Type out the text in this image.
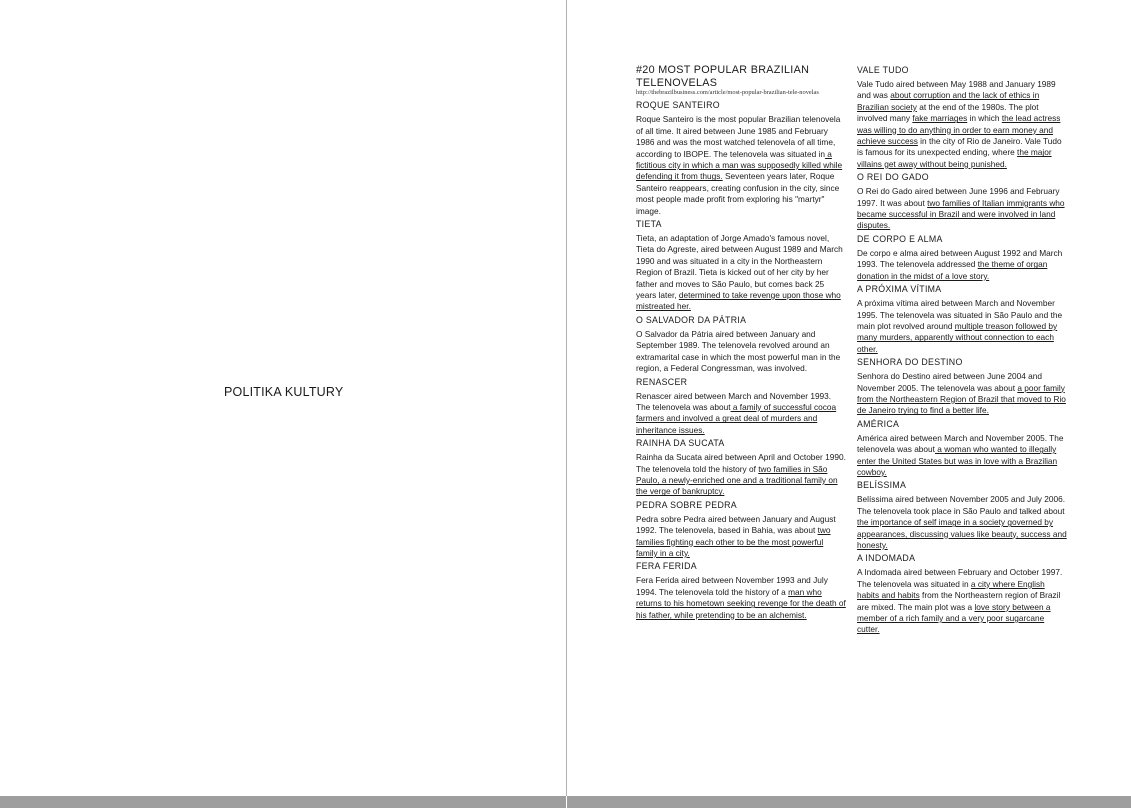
POLITIKA KULTURY
#20 MOST POPULAR BRAZILIAN TELENOVELAS
http://thebrazilbusiness.com/article/most-popular-brazilian-tele-novelas
ROQUE SANTEIRO
Roque Santeiro is the most popular Brazilian telenovela of all time. It aired between June 1985 and February 1986 and was the most watched telenovela of all time, according to IBOPE. The telenovela was situated in a fictitious city in which a man was supposedly killed while defending it from thugs. Seventeen years later, Roque Santeiro reappears, creating confusion in the city, since most people made profit from exploring his "martyr" image.
TIETA
Tieta, an adaptation of Jorge Amado's famous novel, Tieta do Agreste, aired between August 1989 and March 1990 and was situated in a city in the Northeastern Region of Brazil. Tieta is kicked out of her city by her father and moves to São Paulo, but comes back 25 years later, determined to take revenge upon those who mistreated her.
O SALVADOR DA PÁTRIA
O Salvador da Pátria aired between January and September 1989. The telenovela revolved around an extramarital case in which the most powerful man in the region, a Federal Congressman, was involved.
RENASCER
Renascer aired between March and November 1993. The telenovela was about a family of successful cocoa farmers and involved a great deal of murders and inheritance issues.
RAINHA DA SUCATA
Rainha da Sucata aired between April and October 1990. The telenovela told the history of two families in São Paulo, a newly-enriched one and a traditional family on the verge of bankruptcy.
PEDRA SOBRE PEDRA
Pedra sobre Pedra aired between January and August 1992. The telenovela, based in Bahia, was about two families fighting each other to be the most powerful family in a city.
FERA FERIDA
Fera Ferida aired between November 1993 and July 1994. The telenovela told the history of a man who returns to his hometown seeking revenge for the death of his father, while pretending to be an alchemist.
VALE TUDO
Vale Tudo aired between May 1988 and January 1989 and was about corruption and the lack of ethics in Brazilian society at the end of the 1980s. The plot involved many fake marriages in which the lead actress was willing to do anything in order to earn money and achieve success in the city of Rio de Janeiro. Vale Tudo is famous for its unexpected ending, where the major villains get away without being punished.
O REI DO GADO
O Rei do Gado aired between June 1996 and February 1997. It was about two families of Italian immigrants who became successful in Brazil and were involved in land disputes.
DE CORPO E ALMA
De corpo e alma aired between August 1992 and March 1993. The telenovela addressed the theme of organ donation in the midst of a love story.
A PRÓXIMA VÍTIMA
A próxima vítima aired between March and November 1995. The telenovela was situated in São Paulo and the main plot revolved around multiple treason followed by many murders, apparently without connection to each other.
SENHORA DO DESTINO
Senhora do Destino aired between June 2004 and November 2005. The telenovela was about a poor family from the Northeastern Region of Brazil that moved to Rio de Janeiro trying to find a better life.
AMÉRICA
América aired between March and November 2005. The telenovela was about a woman who wanted to illegally enter the United States but was in love with a Brazilian cowboy.
BELÍSSIMA
Belíssima aired between November 2005 and July 2006. The telenovela took place in São Paulo and talked about the importance of self image in a society governed by appearances, discussing values like beauty, success and honesty.
A INDOMADA
A Indomada aired between February and October 1997. The telenovela was situated in a city where English habits and habits from the Northeastern region of Brazil are mixed. The main plot was a love story between a member of a rich family and a very poor sugarcane cutter.
